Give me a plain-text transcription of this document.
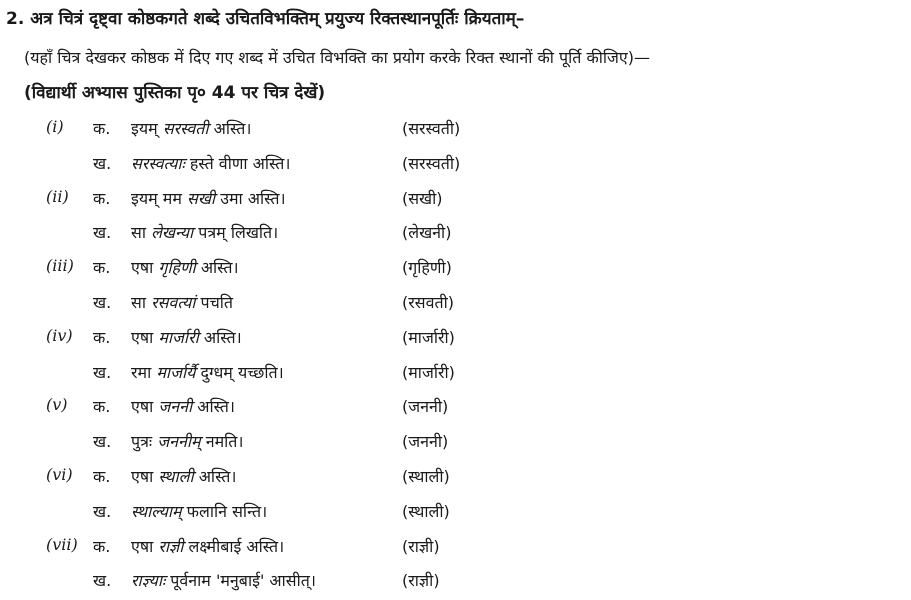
2. अत्र चित्रं दृष्ट्वा कोष्ठकगते शब्दे उचितविभक्तिम् प्रयुज्य रिक्तस्थानपूर्तिः क्रियताम्–
(यहाँ चित्र देखकर कोष्ठक में दिए गए शब्द में उचित विभक्ति का प्रयोग करके रिक्त स्थानों की पूर्ति कीजिए)—
(विद्यार्थी अभ्यास पुस्तिका पृ० 44 पर चित्र देखें)
(i) क. इयम् सरस्वती अस्ति।	(सरस्वती)
ख. सरस्वत्याः हस्ते वीणा अस्ति।	(सरस्वती)
(ii) क. इयम् मम सखी उमा अस्ति।	(सखी)
ख. सा लेखन्या पत्रम् लिखति।	(लेखनी)
(iii) क. एषा गृहिणी अस्ति।	(गृहिणी)
ख. सा रसवत्यां पचति	(रसवती)
(iv) क. एषा मार्जारी अस्ति।	(मार्जारी)
ख. रमा मार्जार्यै दुग्धम् यच्छति।	(मार्जारी)
(v) क. एषा जननी अस्ति।	(जननी)
ख. पुत्रः जननीम् नमति।	(जननी)
(vi) क. एषा स्थाली अस्ति।	(स्थाली)
ख. स्थाल्याम् फलानि सन्ति।	(स्थाली)
(vii) क. एषा राज्ञी लक्ष्मीबाई अस्ति।	(राज्ञी)
ख. राज्ञ्याः पूर्वनाम 'मनुबाई' आसीत्।	(राज्ञी)
